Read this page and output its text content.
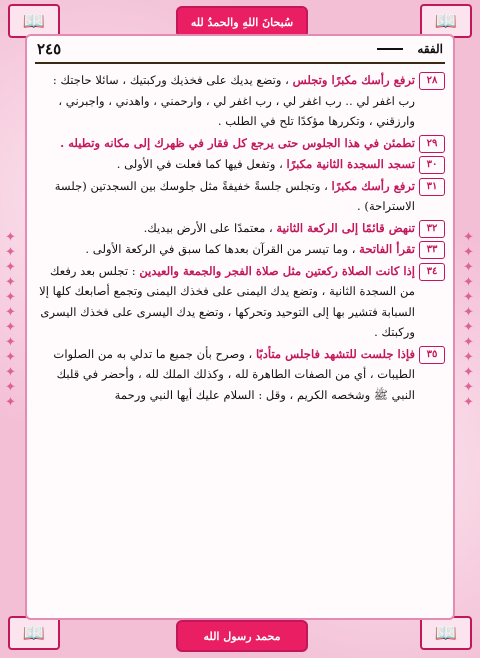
📖	📖
📖	📖
سُبحانَ اللهِ والحمدُ لله
محمد رسول الله
✦✦✦✦✦✦✦✦✦✦✦✦	✦✦✦✦✦✦✦✦✦✦✦✦
٢٤٥	الفقه
٢٨
ترفع رأسك مكبرًا وتجلس ، وتضع يديك على فخذيك وركبتيك ، سائلا حاجتك : رب اغفر لي .. رب اغفر لي ، رب اغفر لي ، وارحمني ، واهدني ، واجبرني ، وارزقني ، وتكررها مؤكدًا تلح في الطلب .
٢٩
تطمئن في هذا الجلوس حتى يرجع كل فقار في ظهرك إلى مكانه وتطيله .
٣٠
تسجد السجدة الثانية مكبرًا ، وتفعل فيها كما فعلت في الأولى .
٣١
ترفع رأسك مكبرًا ، وتجلس جلسةً خفيفةً مثل جلوسك بين السجدتين (جلسة الاستراحة) .
٣٢
تنهض قائمًا إلى الركعة الثانية ، معتمدًا على الأرض بيديك.
٣٣
تقرأ الفاتحة ، وما تيسر من القرآن بعدها كما سبق في الركعة الأولى .
٣٤
إذا كانت الصلاة ركعتين مثل صلاة الفجر والجمعة والعيدين : تجلس بعد رفعك من السجدة الثانية ، وتضع يدك اليمنى على فخذك اليمنى وتجمع أصابعك كلها إلا السبابة فتشير بها إلى التوحيد وتحركها ، وتضع يدك اليسرى على فخذك اليسرى وركبتك .
٣٥
فإذا جلست للتشهد فاجلس متأدبًا ، وصرح بأن جميع ما تدلي به من الصلوات الطيبات ، أي من الصفات الطاهرة لله ، وكذلك الملك لله ، وأحضر في قلبك النبي ﷺ وشخصه الكريم ، وقل : السلام عليك أيها النبي ورحمة
